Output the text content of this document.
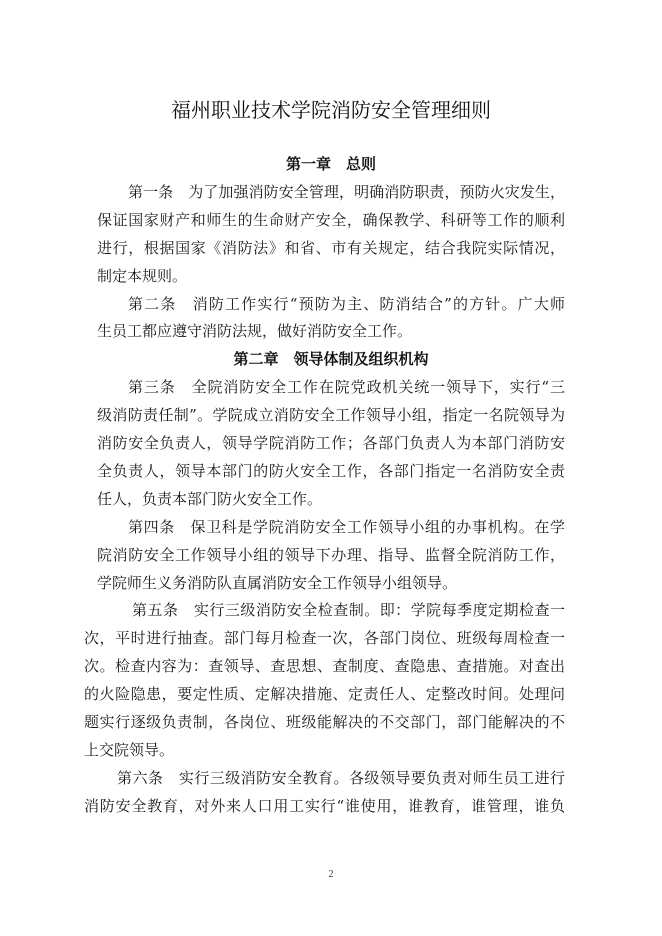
福州职业技术学院消防安全管理细则
第一章　总则
第一条　为了加强消防安全管理，明确消防职责，预防火灾发生，
保证国家财产和师生的生命财产安全，确保教学、科研等工作的顺利
进行，根据国家《消防法》和省、市有关规定，结合我院实际情况，
制定本规则。
第二条　消防工作实行“预防为主、防消结合”的方针。广大师
生员工都应遵守消防法规，做好消防安全工作。
第二章　领导体制及组织机构
第三条　全院消防安全工作在院党政机关统一领导下，实行“三
级消防责任制”。学院成立消防安全工作领导小组，指定一名院领导为
消防安全负责人，领导学院消防工作；各部门负责人为本部门消防安
全负责人，领导本部门的防火安全工作，各部门指定一名消防安全责
任人，负责本部门防火安全工作。
第四条　保卫科是学院消防安全工作领导小组的办事机构。在学
院消防安全工作领导小组的领导下办理、指导、监督全院消防工作，
学院师生义务消防队直属消防安全工作领导小组领导。
第五条　实行三级消防安全检查制。即：学院每季度定期检查一
次，平时进行抽查。部门每月检查一次，各部门岗位、班级每周检查一
次。检查内容为：查领导、查思想、查制度、查隐患、查措施。对查出
的火险隐患，要定性质、定解决措施、定责任人、定整改时间。处理问
题实行逐级负责制，各岗位、班级能解决的不交部门，部门能解决的不
上交院领导。
第六条　实行三级消防安全教育。各级领导要负责对师生员工进行
消防安全教育，对外来人口用工实行“谁使用，谁教育，谁管理，谁负
2
